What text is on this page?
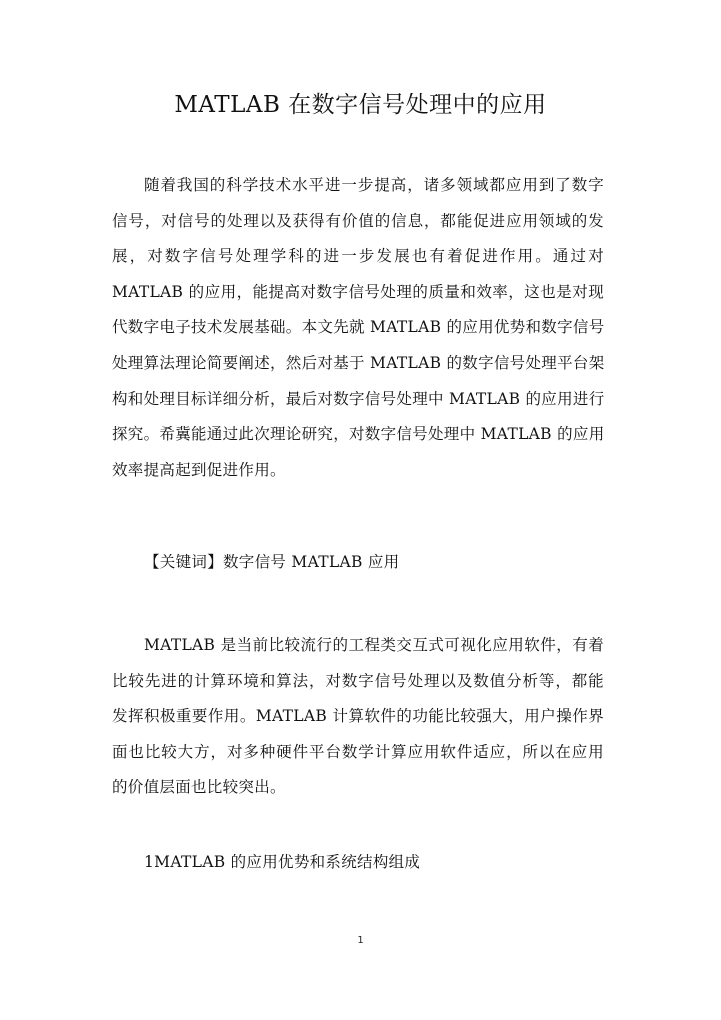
MATLAB 在数字信号处理中的应用
随着我国的科学技术水平进一步提高，诸多领域都应用到了数字
信号，对信号的处理以及获得有价值的信息，都能促进应用领域的发
展，对数字信号处理学科的进一步发展也有着促进作用。通过对
MATLAB 的应用，能提高对数字信号处理的质量和效率，这也是对现
代数字电子技术发展基础。本文先就 MATLAB 的应用优势和数字信号
处理算法理论简要阐述，然后对基于 MATLAB 的数字信号处理平台架
构和处理目标详细分析，最后对数字信号处理中 MATLAB 的应用进行
探究。希冀能通过此次理论研究，对数字信号处理中 MATLAB 的应用
效率提高起到促进作用。
【关键词】数字信号 MATLAB 应用
MATLAB 是当前比较流行的工程类交互式可视化应用软件，有着
比较先进的计算环境和算法，对数字信号处理以及数值分析等，都能
发挥积极重要作用。MATLAB 计算软件的功能比较强大，用户操作界
面也比较大方，对多种硬件平台数学计算应用软件适应，所以在应用
的价值层面也比较突出。
1MATLAB 的应用优势和系统结构组成
1
